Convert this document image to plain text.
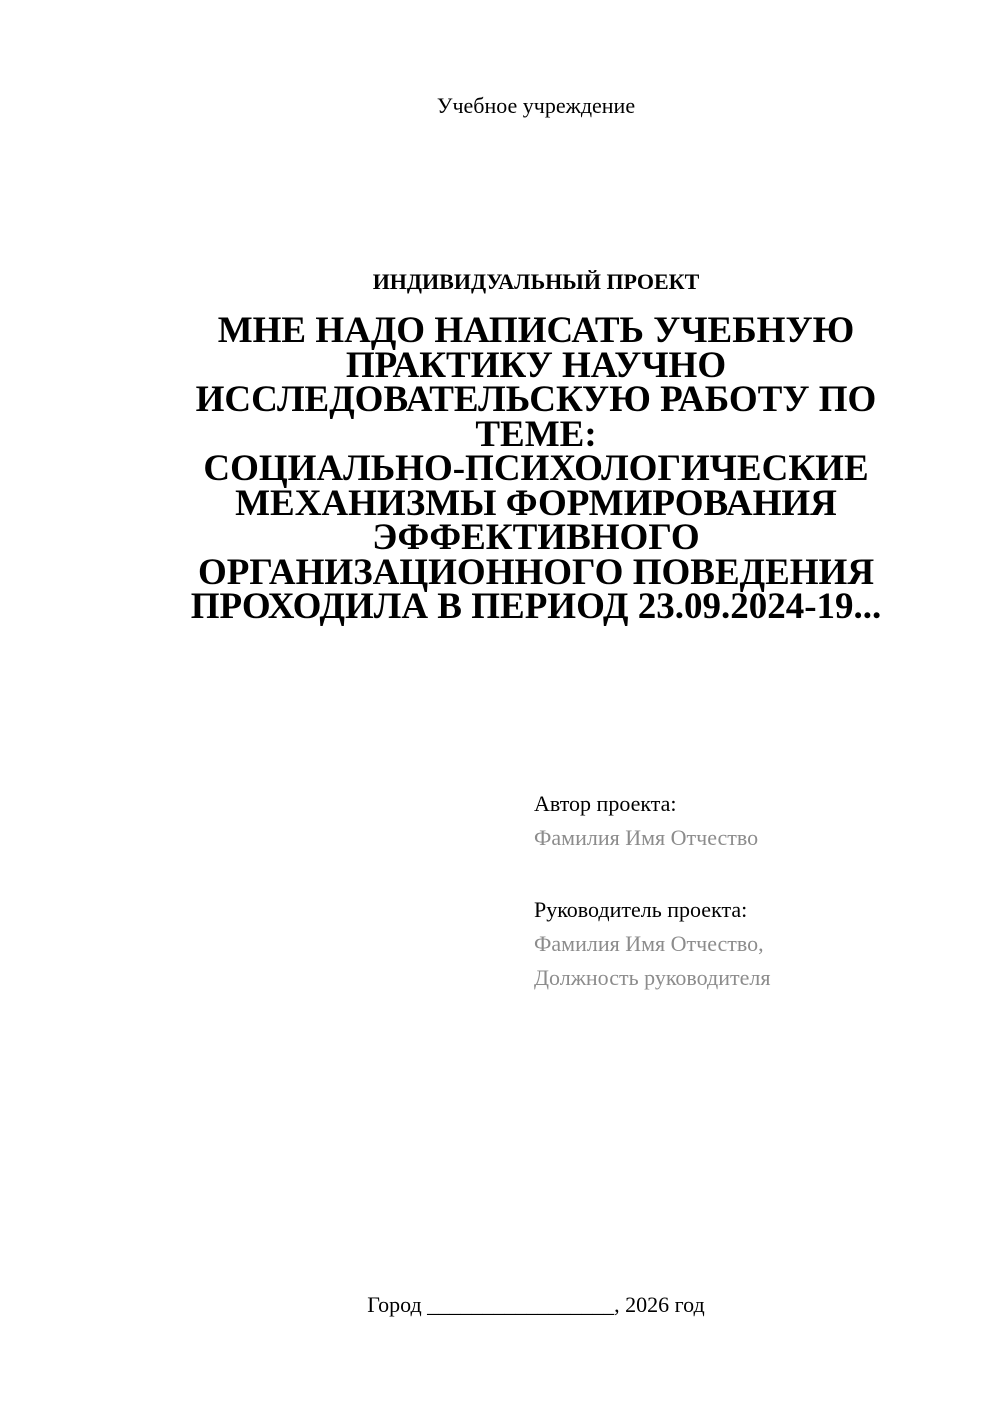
Учебное учреждение
ИНДИВИДУАЛЬНЫЙ ПРОЕКТ
МНЕ НАДО НАПИСАТЬ УЧЕБНУЮ
ПРАКТИКУ НАУЧНО
ИССЛЕДОВАТЕЛЬСКУЮ РАБОТУ ПО
ТЕМЕ:
СОЦИАЛЬНО-ПСИХОЛОГИЧЕСКИЕ
МЕХАНИЗМЫ ФОРМИРОВАНИЯ
ЭФФЕКТИВНОГО
ОРГАНИЗАЦИОННОГО ПОВЕДЕНИЯ
ПРОХОДИЛА В ПЕРИОД 23.09.2024-19...
Автор проекта:
Фамилия Имя Отчество
Руководитель проекта:
Фамилия Имя Отчество,
Должность руководителя
Город _________________, 2026 год
